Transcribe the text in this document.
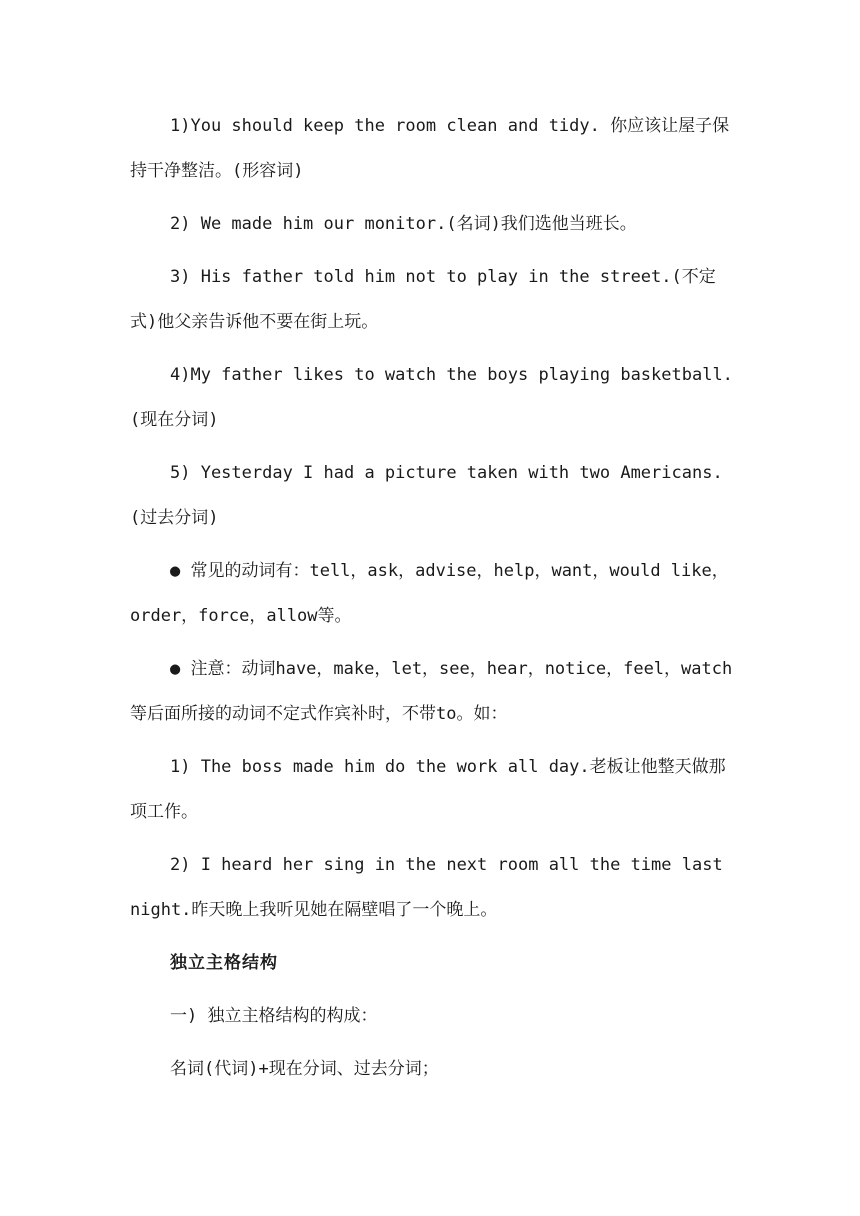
1)You should keep the room clean and tidy. 你应该让屋子保持干净整洁。(形容词)

2) We made him our monitor.(名词)我们选他当班长。

3) His father told him not to play in the street.(不定式)他父亲告诉他不要在街上玩。

4)My father likes to watch the boys playing basketball.(现在分词)

5) Yesterday I had a picture taken with two Americans.(过去分词)

● 常见的动词有：tell，ask，advise，help，want，would like，order，force，allow等。

● 注意：动词have，make，let，see，hear，notice，feel，watch等后面所接的动词不定式作宾补时，不带to。如：

1) The boss made him do the work all day.老板让他整天做那项工作。

2) I heard her sing in the next room all the time last night.昨天晚上我听见她在隔壁唱了一个晚上。

独立主格结构

一) 独立主格结构的构成：

名词(代词)+现在分词、过去分词；
